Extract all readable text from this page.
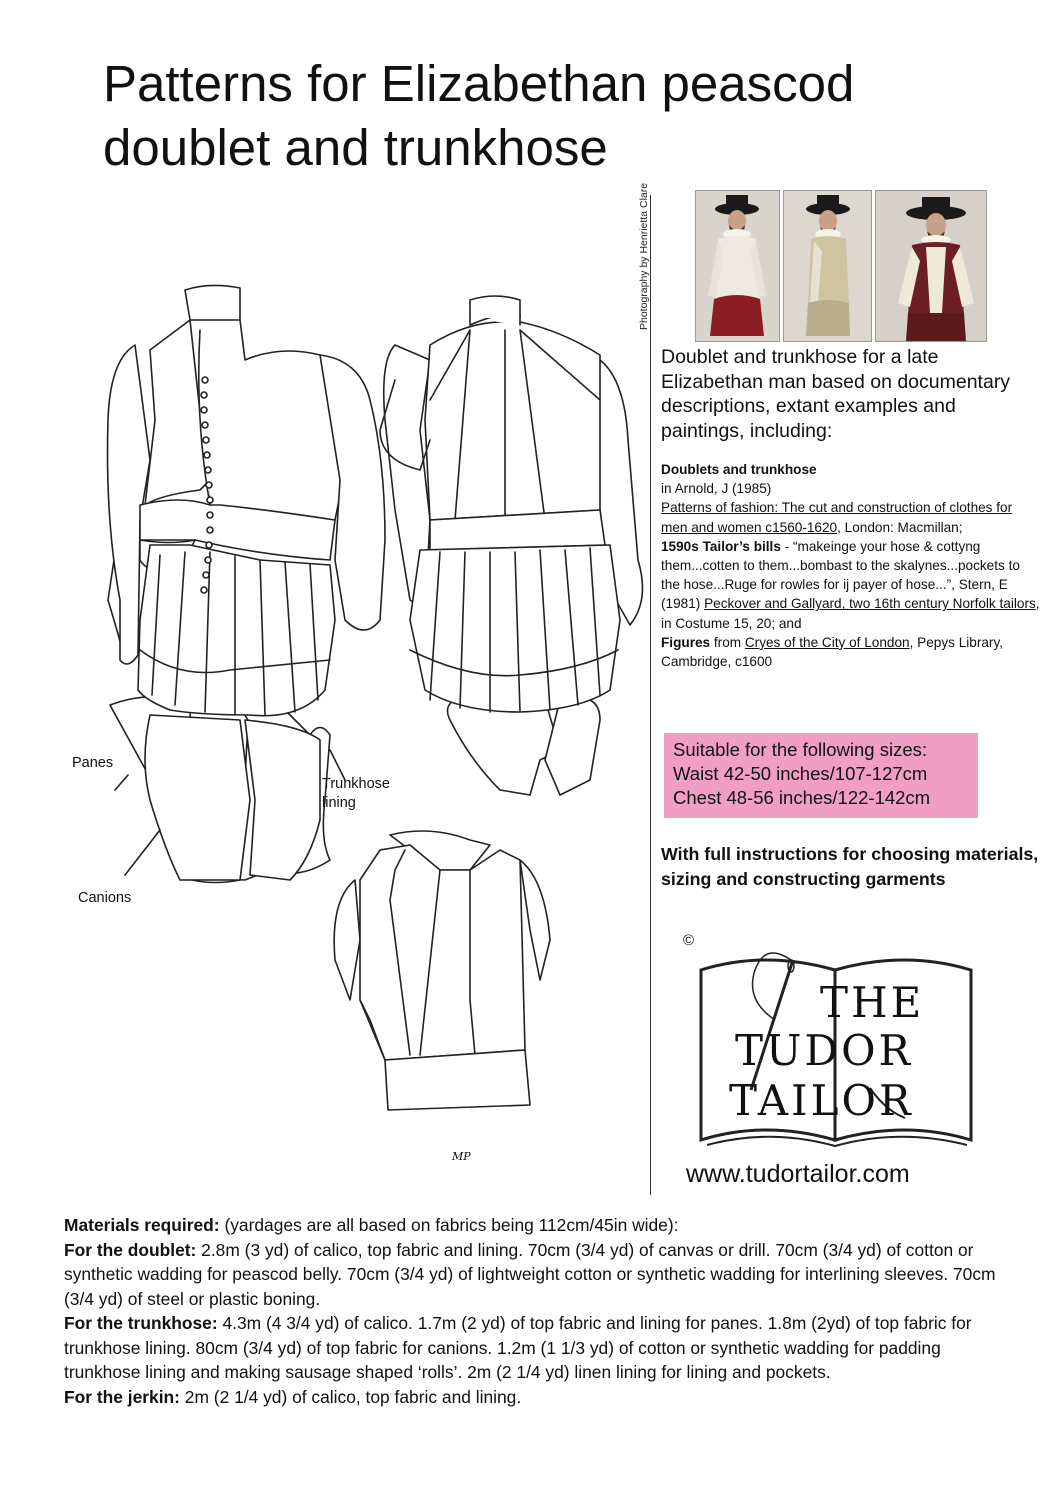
Patterns for Elizabethan peascod
doublet and trunkhose
Photography by Henrietta Clare
Doublet and trunkhose for a late Elizabethan man based on documentary descriptions, extant examples and paintings, including:
Doublets and trunkhose
in Arnold, J (1985)
Patterns of fashion: The cut and construction of clothes for men and women c1560-1620, London: Macmillan;
1590s Tailor’s bills - “makeinge your hose & cottyng them...cotten to them...bombast to the skalynes...pockets to the hose...Ruge for rowles for ij payer of hose...”, Stern, E (1981) Peckover and Gallyard, two 16th century Norfolk tailors, in Costume 15, 20; and
Figures from Cryes of the City of London, Pepys Library, Cambridge, c1600
Suitable for the following sizes:
Waist 42-50 inches/107-127cm
Chest 48-56 inches/122-142cm
With full instructions for choosing materials, sizing and constructing garments
©
THE
TUDOR
TAILOR
www.tudortailor.com
Panes
Trunkhose
lining
Canions
MP
Materials required: (yardages are all based on fabrics being 112cm/45in wide):
For the doublet: 2.8m (3 yd) of calico, top fabric and lining. 70cm (3/4 yd) of canvas or drill. 70cm (3/4 yd) of cotton or synthetic wadding for peascod belly. 70cm (3/4 yd) of lightweight cotton or synthetic wadding for interlining sleeves. 70cm (3/4 yd) of steel or plastic boning.
For the trunkhose: 4.3m (4 3/4 yd) of calico. 1.7m (2 yd) of top fabric and lining for panes. 1.8m (2yd) of top fabric for trunkhose lining. 80cm (3/4 yd) of top fabric for canions. 1.2m (1 1/3 yd) of cotton or synthetic wadding for padding trunkhose lining and making sausage shaped ‘rolls’. 2m (2 1/4 yd) linen lining for lining and pockets.
For the jerkin: 2m (2 1/4 yd) of calico, top fabric and lining.
